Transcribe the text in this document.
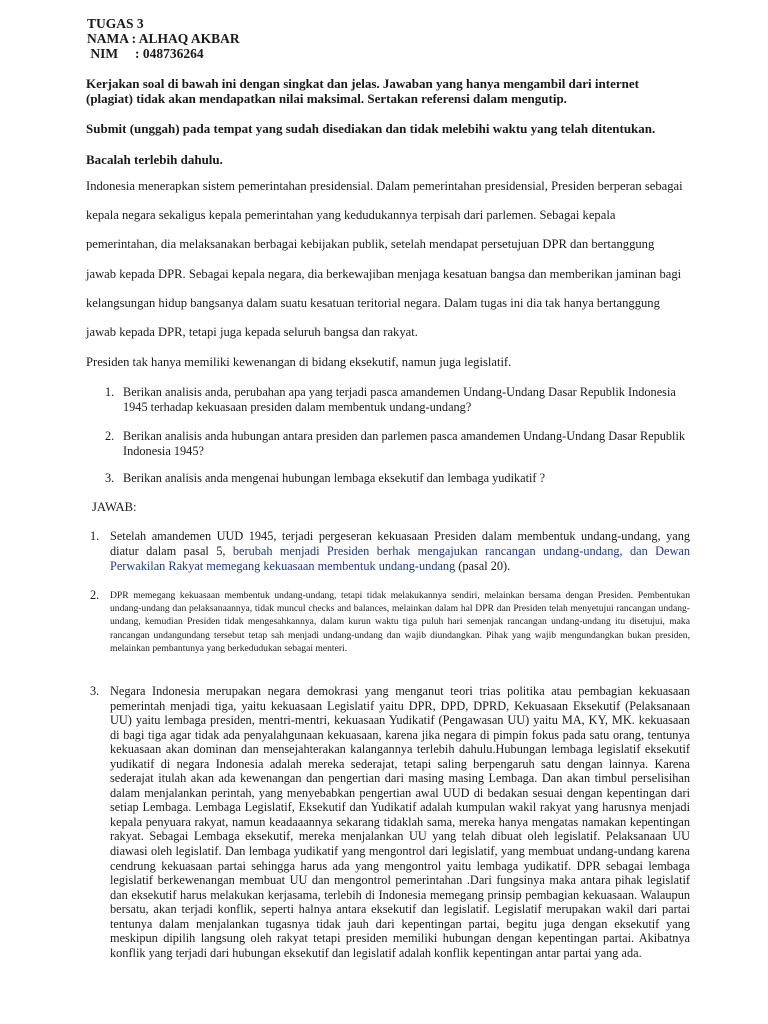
TUGAS 3

NAMA : ALHAQ AKBAR

NIM     : 048736264

Kerjakan soal di bawah ini dengan singkat dan jelas. Jawaban yang hanya mengambil dari internet (plagiat) tidak akan mendapatkan nilai maksimal. Sertakan referensi dalam mengutip.

Submit (unggah) pada tempat yang sudah disediakan dan tidak melebihi waktu yang telah ditentukan.

Bacalah terlebih dahulu.

Indonesia menerapkan sistem pemerintahan presidensial. Dalam pemerintahan presidensial, Presiden berperan sebagai kepala negara sekaligus kepala pemerintahan yang kedudukannya terpisah dari parlemen. Sebagai kepala pemerintahan, dia melaksanakan berbagai kebijakan publik, setelah mendapat persetujuan DPR dan bertanggung jawab kepada DPR. Sebagai kepala negara, dia berkewajiban menjaga kesatuan bangsa dan memberikan jaminan bagi kelangsungan hidup bangsanya dalam suatu kesatuan teritorial negara. Dalam tugas ini dia tak hanya bertanggung jawab kepada DPR, tetapi juga kepada seluruh bangsa dan rakyat.

Presiden tak hanya memiliki kewenangan di bidang eksekutif, namun juga legislatif.

1. Berikan analisis anda, perubahan apa yang terjadi pasca amandemen Undang-Undang Dasar Republik Indonesia 1945 terhadap kekuasaan presiden dalam membentuk undang-undang?
2. Berikan analisis anda hubungan antara presiden dan parlemen pasca amandemen Undang-Undang Dasar Republik Indonesia 1945?
3. Berikan analisis anda mengenai hubungan lembaga eksekutif dan lembaga yudikatif ?

JAWAB:

1. Setelah amandemen UUD 1945, terjadi pergeseran kekuasaan Presiden dalam membentuk undang-undang, yang diatur dalam pasal 5, berubah menjadi Presiden berhak mengajukan rancangan undang-undang, dan Dewan Perwakilan Rakyat memegang kekuasaan membentuk undang-undang (pasal 20).
2.	DPR memegang kekuasaan membentuk undang-undang, tetapi tidak melakukannya sendiri, melainkan bersama dengan Presiden. Pembentukan undang-undang dan pelaksanaannya, tidak muncul checks and balances, melainkan dalam hal DPR dan Presiden telah menyetujui rancangan undang-undang, kemudian Presiden tidak mengesahkannya, dalam kurun waktu tiga puluh hari semenjak rancangan undang-undang itu disetujui, maka rancangan undangundang tersebut tetap sah menjadi undang-undang dan wajib diundangkan. Pihak yang wajib mengundangkan bukan presiden, melainkan pembantunya yang berkedudukan sebagai menteri.
3. Negara Indonesia merupakan negara demokrasi yang menganut teori trias politika atau pembagian kekuasaan pemerintah menjadi tiga, yaitu kekuasaan Legislatif yaitu DPR, DPD, DPRD, Kekuasaan Eksekutif (Pelaksanaan UU) yaitu lembaga presiden, mentri-mentri, kekuasaan Yudikatif (Pengawasan UU) yaitu MA, KY, MK. kekuasaan di bagi tiga agar tidak ada penyalahgunaan kekuasaan, karena jika negara di pimpin fokus pada satu orang, tentunya kekuasaan akan dominan dan mensejahterakan kalangannya terlebih dahulu.Hubungan lembaga legislatif eksekutif yudikatif di negara Indonesia adalah mereka sederajat, tetapi saling berpengaruh satu dengan lainnya. Karena sederajat itulah akan ada kewenangan dan pengertian dari masing masing Lembaga. Dan akan timbul perselisihan dalam menjalankan perintah, yang menyebabkan pengertian awal UUD di bedakan sesuai dengan kepentingan dari setiap Lembaga. Lembaga Legislatif, Eksekutif dan Yudikatif adalah kumpulan wakil rakyat yang harusnya menjadi kepala penyuara rakyat, namun keadaaannya sekarang tidaklah sama, mereka hanya mengatas namakan kepentingan rakyat. Sebagai Lembaga eksekutif, mereka menjalankan UU yang telah dibuat oleh legislatif. Pelaksanaan UU diawasi oleh legislatif. Dan lembaga yudikatif yang mengontrol dari legislatif, yang membuat undang-undang karena cendrung kekuasaan partai sehingga harus ada yang mengontrol yaitu lembaga yudikatif. DPR sebagai lembaga legislatif berkewenangan membuat UU dan mengontrol pemerintahan .Dari fungsinya maka antara pihak legislatif dan eksekutif harus melakukan kerjasama, terlebih di Indonesia memegang prinsip pembagian kekuasaan. Walaupun bersatu, akan terjadi konflik, seperti halnya antara eksekutif dan legislatif. Legislatif merupakan wakil dari partai tentunya dalam menjalankan tugasnya tidak jauh dari kepentingan partai, begitu juga dengan eksekutif yang meskipun dipilih langsung oleh rakyat tetapi presiden memiliki hubungan dengan kepentingan partai. Akibatnya konflik yang terjadi dari hubungan eksekutif dan legislatif adalah konflik kepentingan antar partai yang ada.
